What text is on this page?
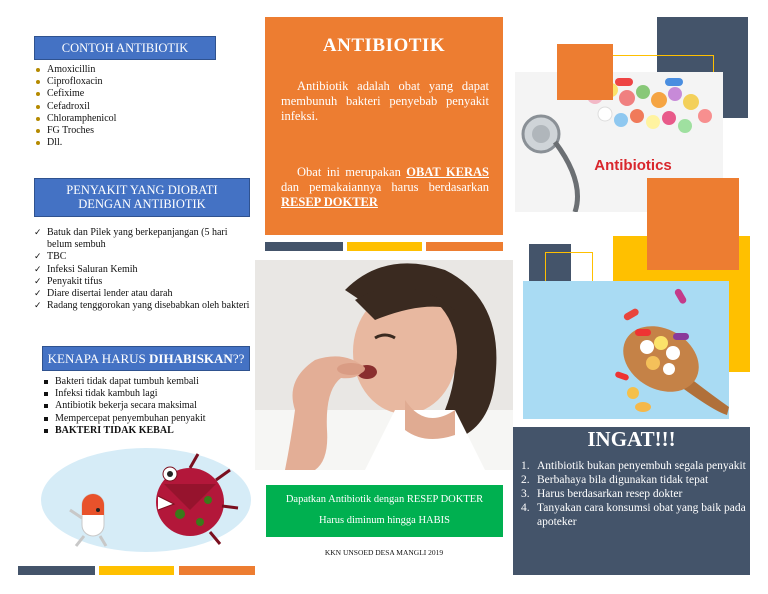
CONTOH ANTIBIOTIK
Amoxicillin
Ciprofloxacin
Cefixime
Cefadroxil
Chloramphenicol
FG Troches
Dll.
PENYAKIT YANG DIOBATI
DENGAN ANTIBIOTIK
✓ Batuk dan Pilek yang berkepanjangan (5 hari belum sembuh
✓ TBC
✓ Infeksi Saluran Kemih
✓ Penyakit tifus
✓ Diare disertai lender atau darah
✓ Radang tenggorokan yang disebabkan oleh bakteri
KENAPA HARUS DIHABISKAN??
Bakteri tidak dapat tumbuh kembali
Infeksi tidak kambuh lagi
Antibiotik bekerja secara maksimal
Mempercepat penyembuhan penyakit
BAKTERI TIDAK KEBAL
ANTIBIOTIK

Antibiotik adalah obat yang dapat membunuh bakteri penyebab penyakit infeksi.

Obat ini merupakan OBAT KERAS dan pemakaiannya harus berdasarkan RESEP DOKTER

Dapatkan Antibiotik dengan RESEP DOKTER
Harus diminum hingga HABIS
KKN UNSOED DESA MANGLI 2019
Antibiotics
INGAT!!!
1. Antibiotik bukan penyembuh segala penyakit
2. Berbahaya bila digunakan tidak tepat
3. Harus berdasarkan resep dokter
4. Tanyakan cara konsumsi obat yang baik pada apoteker
